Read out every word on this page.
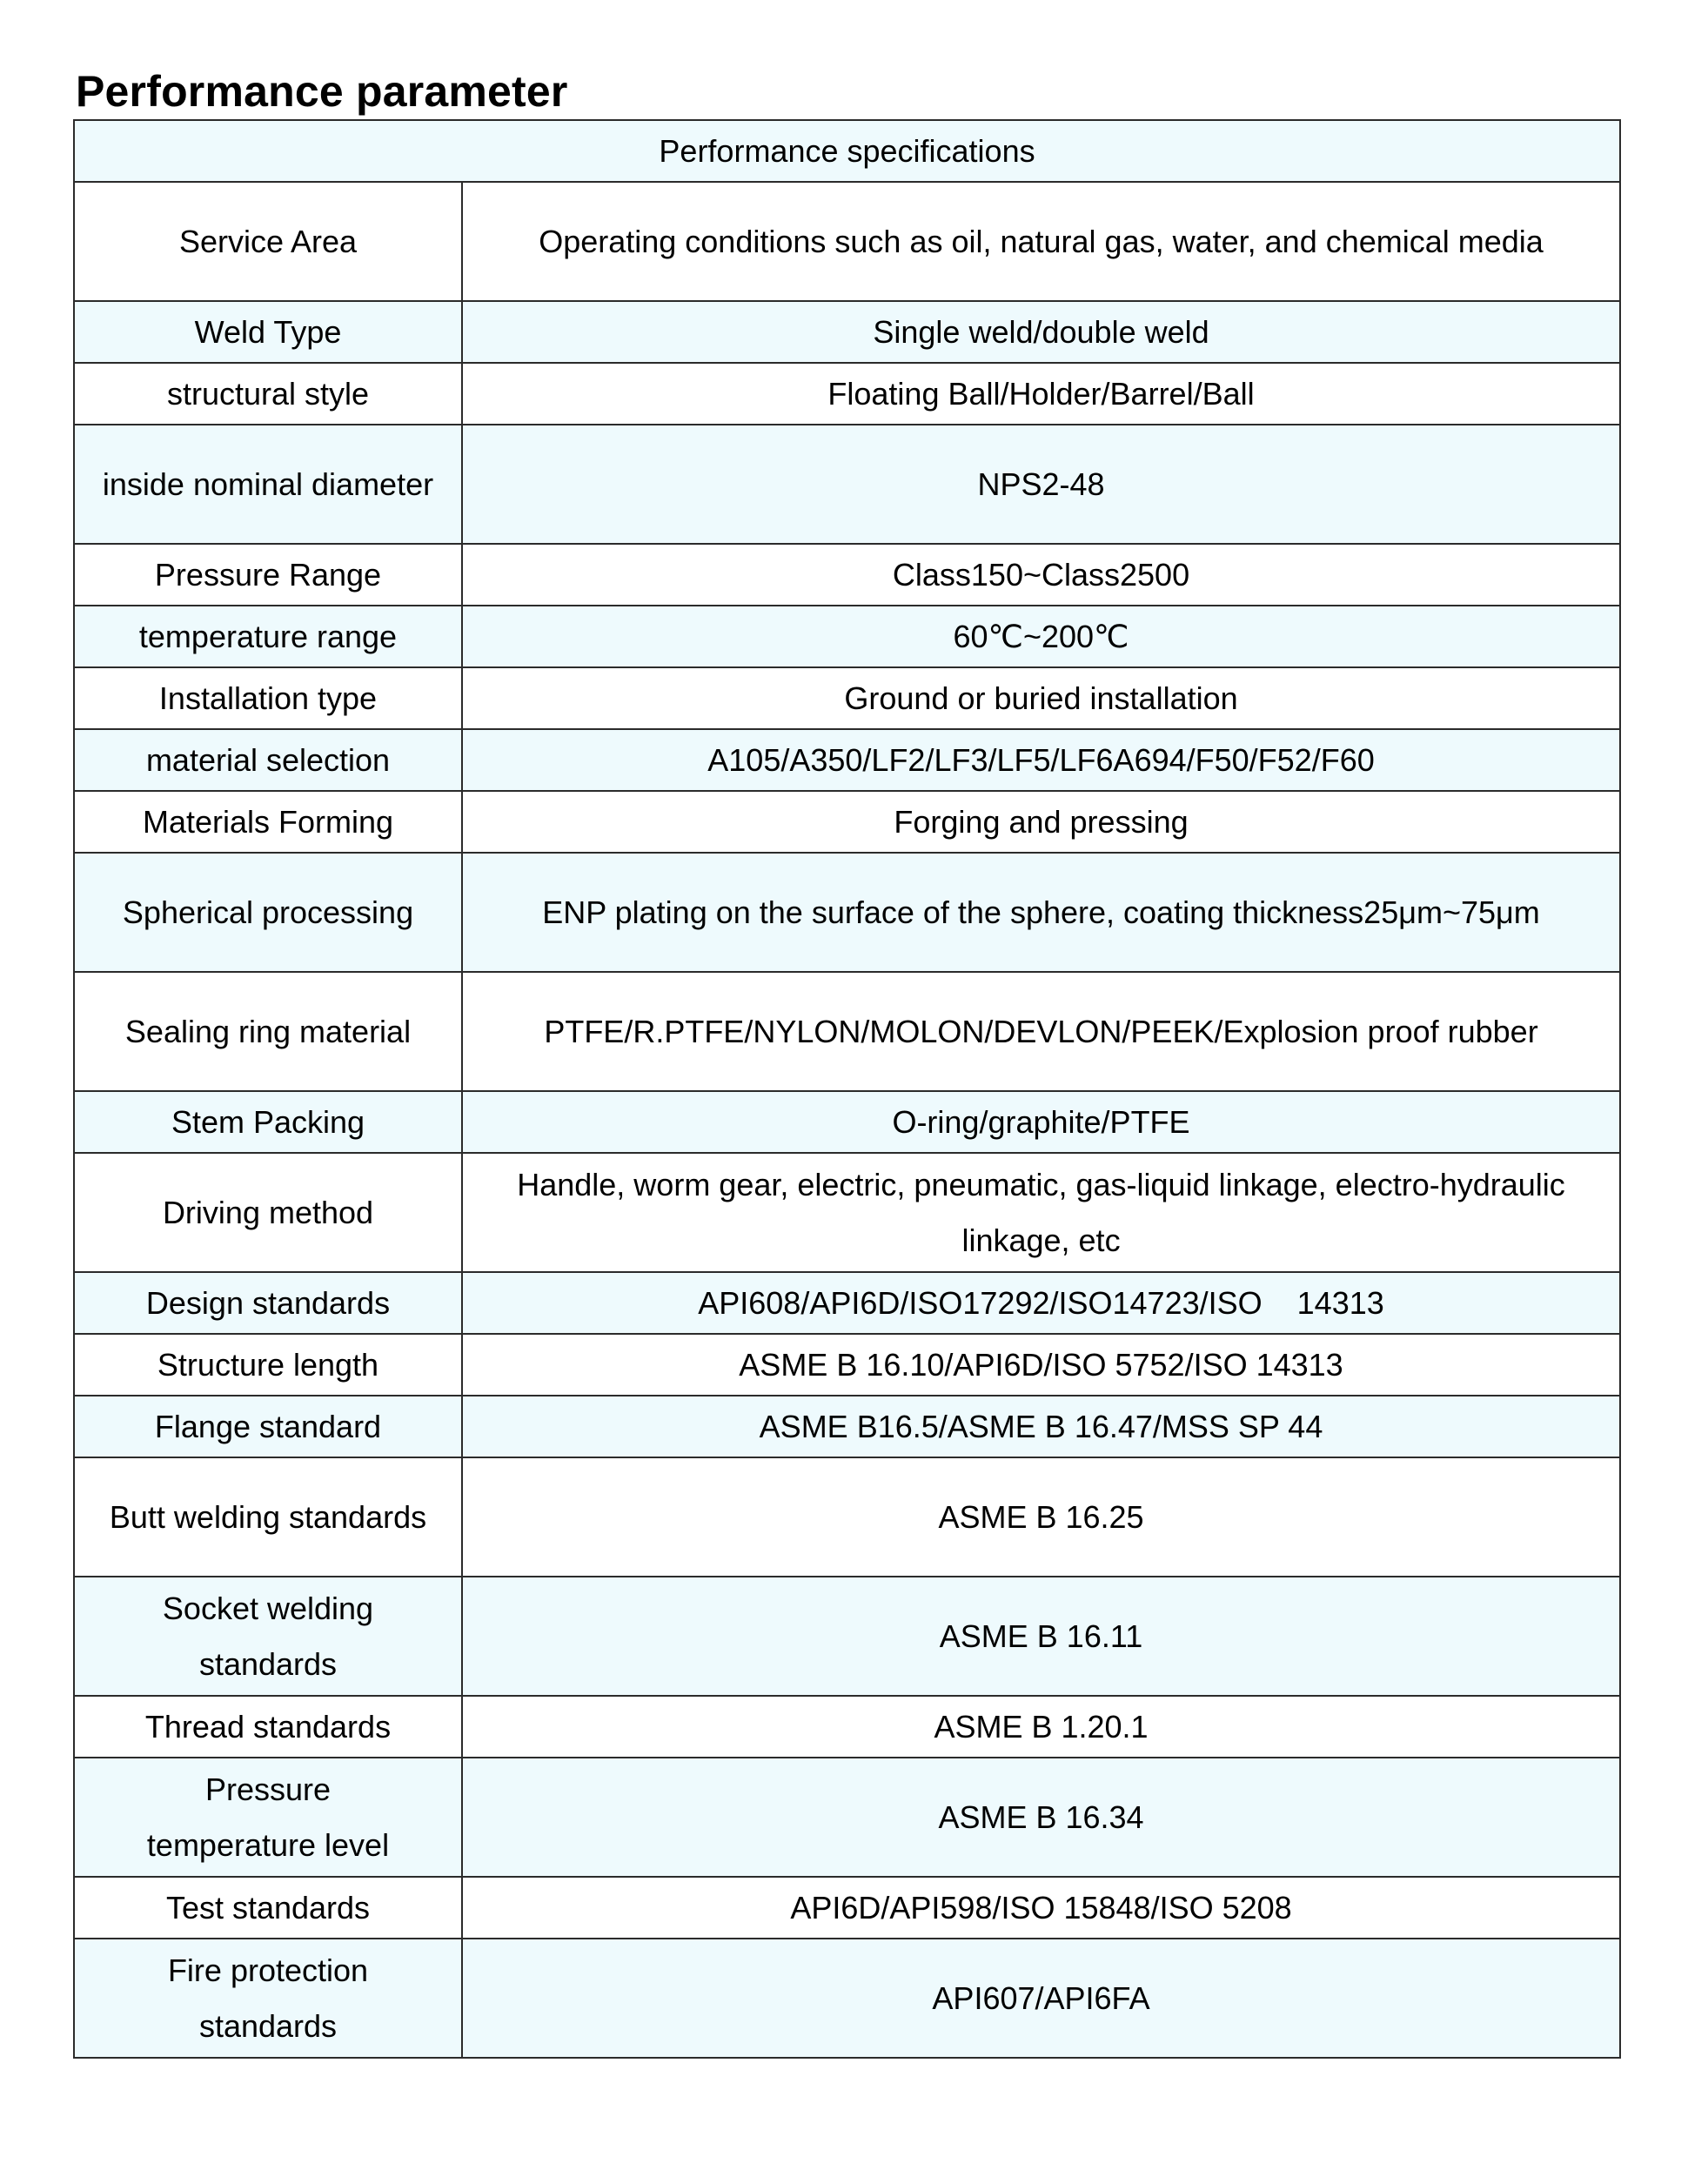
Performance parameter
Performance specifications	
Service Area	Operating conditions such as oil, natural gas, water, and chemical media
Weld Type	Single weld/double weld
structural style	Floating Ball/Holder/Barrel/Ball
inside nominal diameter	NPS2-48
Pressure Range	Class150~Class2500
temperature range	60℃~200℃
Installation type	Ground or buried installation
material selection	A105/A350/LF2/LF3/LF5/LF6A694/F50/F52/F60
Materials Forming	Forging and pressing
Spherical processing	ENP plating on the surface of the sphere, coating thickness25μm~75μm
Sealing ring material	PTFE/R.PTFE/NYLON/MOLON/DEVLON/PEEK/Explosion proof rubber
Stem Packing	O-ring/graphite/PTFE
Driving method	Handle, worm gear, electric, pneumatic, gas-liquid linkage, electro-hydraulic linkage, etc
Design standards	API608/API6D/ISO17292/ISO14723/ISO    14313
Structure length	ASME B 16.10/API6D/ISO 5752/ISO 14313
Flange standard	ASME B16.5/ASME B 16.47/MSS SP 44
Butt welding standards	ASME B 16.25
Socket welding standards	ASME B 16.11
Thread standards	ASME B 1.20.1
Pressure temperature level	ASME B 16.34
Test standards	API6D/API598/ISO 15848/ISO 5208
Fire protection standards	API607/API6FA
